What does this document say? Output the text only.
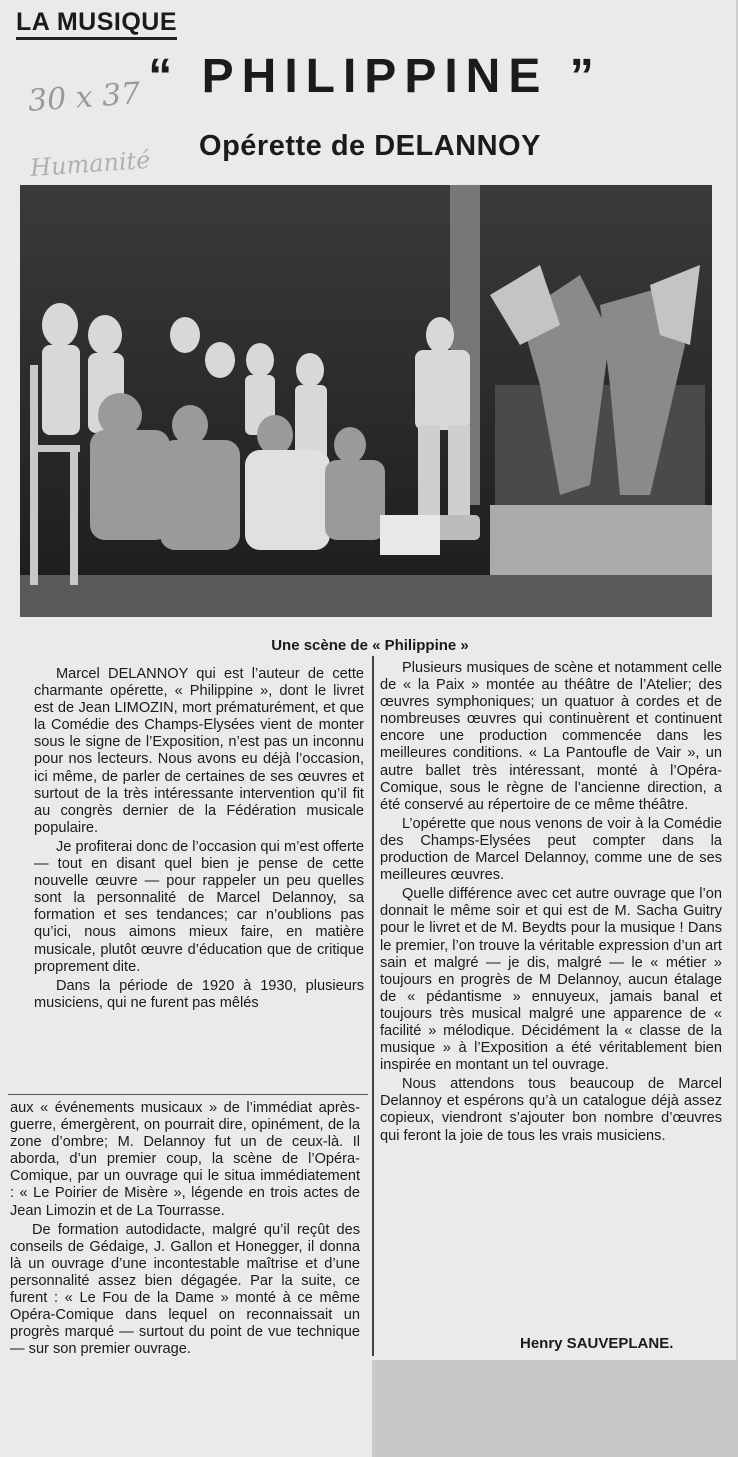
LA MUSIQUE
30 x 37 “ PHILIPPINE ”
Humanité	Opérette de DELANNOY
Une scène de « Philippine »

Marcel DELANNOY qui est l’auteur de cette charmante opérette, « Philippine », dont le livret est de Jean LIMOZIN, mort prématurément, et que la Comédie des Champs-Elysées vient de monter sous le signe de l’Exposition, n’est pas un inconnu pour nos lecteurs. Nous avons eu déjà l’occasion, ici même, de parler de certaines de ses œuvres et surtout de la très intéressante intervention qu’il fit au congrès dernier de la Fédération musicale populaire.

Je profiterai donc de l’occasion qui m’est offerte — tout en disant quel bien je pense de cette nouvelle œuvre — pour rappeler un peu quelles sont la personnalité de Marcel Delannoy, sa formation et ses tendances; car n’oublions pas qu’ici, nous aimons mieux faire, en matière musicale, plutôt œuvre d’éducation que de critique proprement dite.

Dans la période de 1920 à 1930, plusieurs musiciens, qui ne furent pas mêlés

aux « événements musicaux » de l’immédiat après-guerre, émergèrent, on pourrait dire, opinément, de la zone d’ombre; M. Delannoy fut un de ceux-là. Il aborda, d’un premier coup, la scène de l’Opéra-Comique, par un ouvrage qui le situa immédiatement : « Le Poirier de Misère », légende en trois actes de Jean Limozin et de La Tourrasse.

De formation autodidacte, malgré qu’il reçût des conseils de Gédaige, J. Gallon et Honegger, il donna là un ouvrage d’une incontestable maîtrise et d’une personnalité assez bien dégagée. Par la suite, ce furent : « Le Fou de la Dame » monté à ce même Opéra-Comique dans lequel on reconnaissait un progrès marqué — surtout du point de vue technique — sur son premier ouvrage.

Plusieurs musiques de scène et notamment celle de « la Paix » montée au théâtre de l’Atelier; des œuvres symphoniques; un quatuor à cordes et de nombreuses œuvres qui continuèrent et continuent encore une production commencée dans les meilleures conditions. « La Pantoufle de Vair », un autre ballet très intéressant, monté à l’Opéra-Comique, sous le règne de l’ancienne direction, a été conservé au répertoire de ce même théâtre.

L’opérette que nous venons de voir à la Comédie des Champs-Elysées peut compter dans la production de Marcel Delannoy, comme une de ses meilleures œuvres.

Quelle différence avec cet autre ouvrage que l’on donnait le même soir et qui est de M. Sacha Guitry pour le livret et de M. Beydts pour la musique ! Dans le premier, l’on trouve la véritable expression d’un art sain et malgré — je dis, malgré — le « métier » toujours en progrès de M Delannoy, aucun étalage de « pédantisme » ennuyeux, jamais banal et toujours très musical malgré une apparence de « facilité » mélodique. Décidément la « classe de la musique » à l’Exposition a été véritablement bien inspirée en montant un tel ouvrage.

Nous attendons tous beaucoup de Marcel Delannoy et espérons qu’à un catalogue déjà assez copieux, viendront s’ajouter bon nombre d’œuvres qui feront la joie de tous les vrais musiciens.

Henry SAUVEPLANE.
